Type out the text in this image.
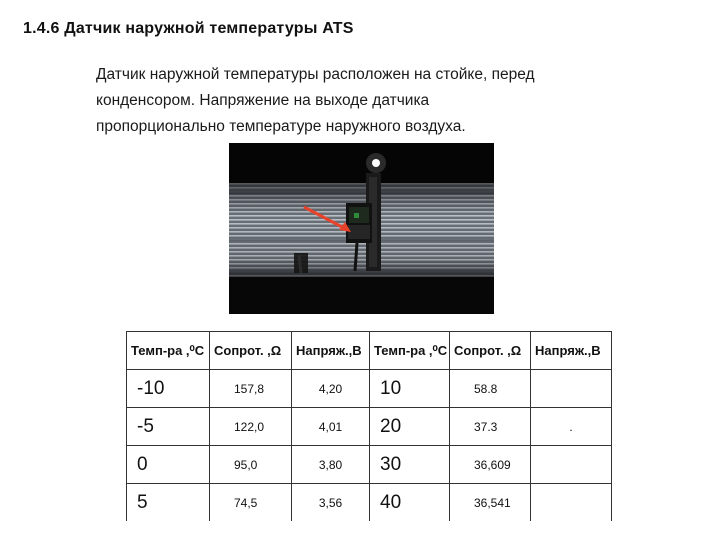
1.4.6 Датчик наружной температуры ATS
Датчик наружной температуры расположен на стойке, перед
конденсором. Напряжение на выходе датчика
пропорционально температуре наружного воздуха.
Темп-ра ,⁰С	Сопрот. ,Ω	Напряж.,В	Темп-ра ,⁰С	Сопрот. ,Ω	Напряж.,В
-10	157,8	4,20	10	58.8	
-5	122,0	4,01	20	37.3	.
0	95,0	3,80	30	36,609	
5	74,5	3,56	40	36,541	
